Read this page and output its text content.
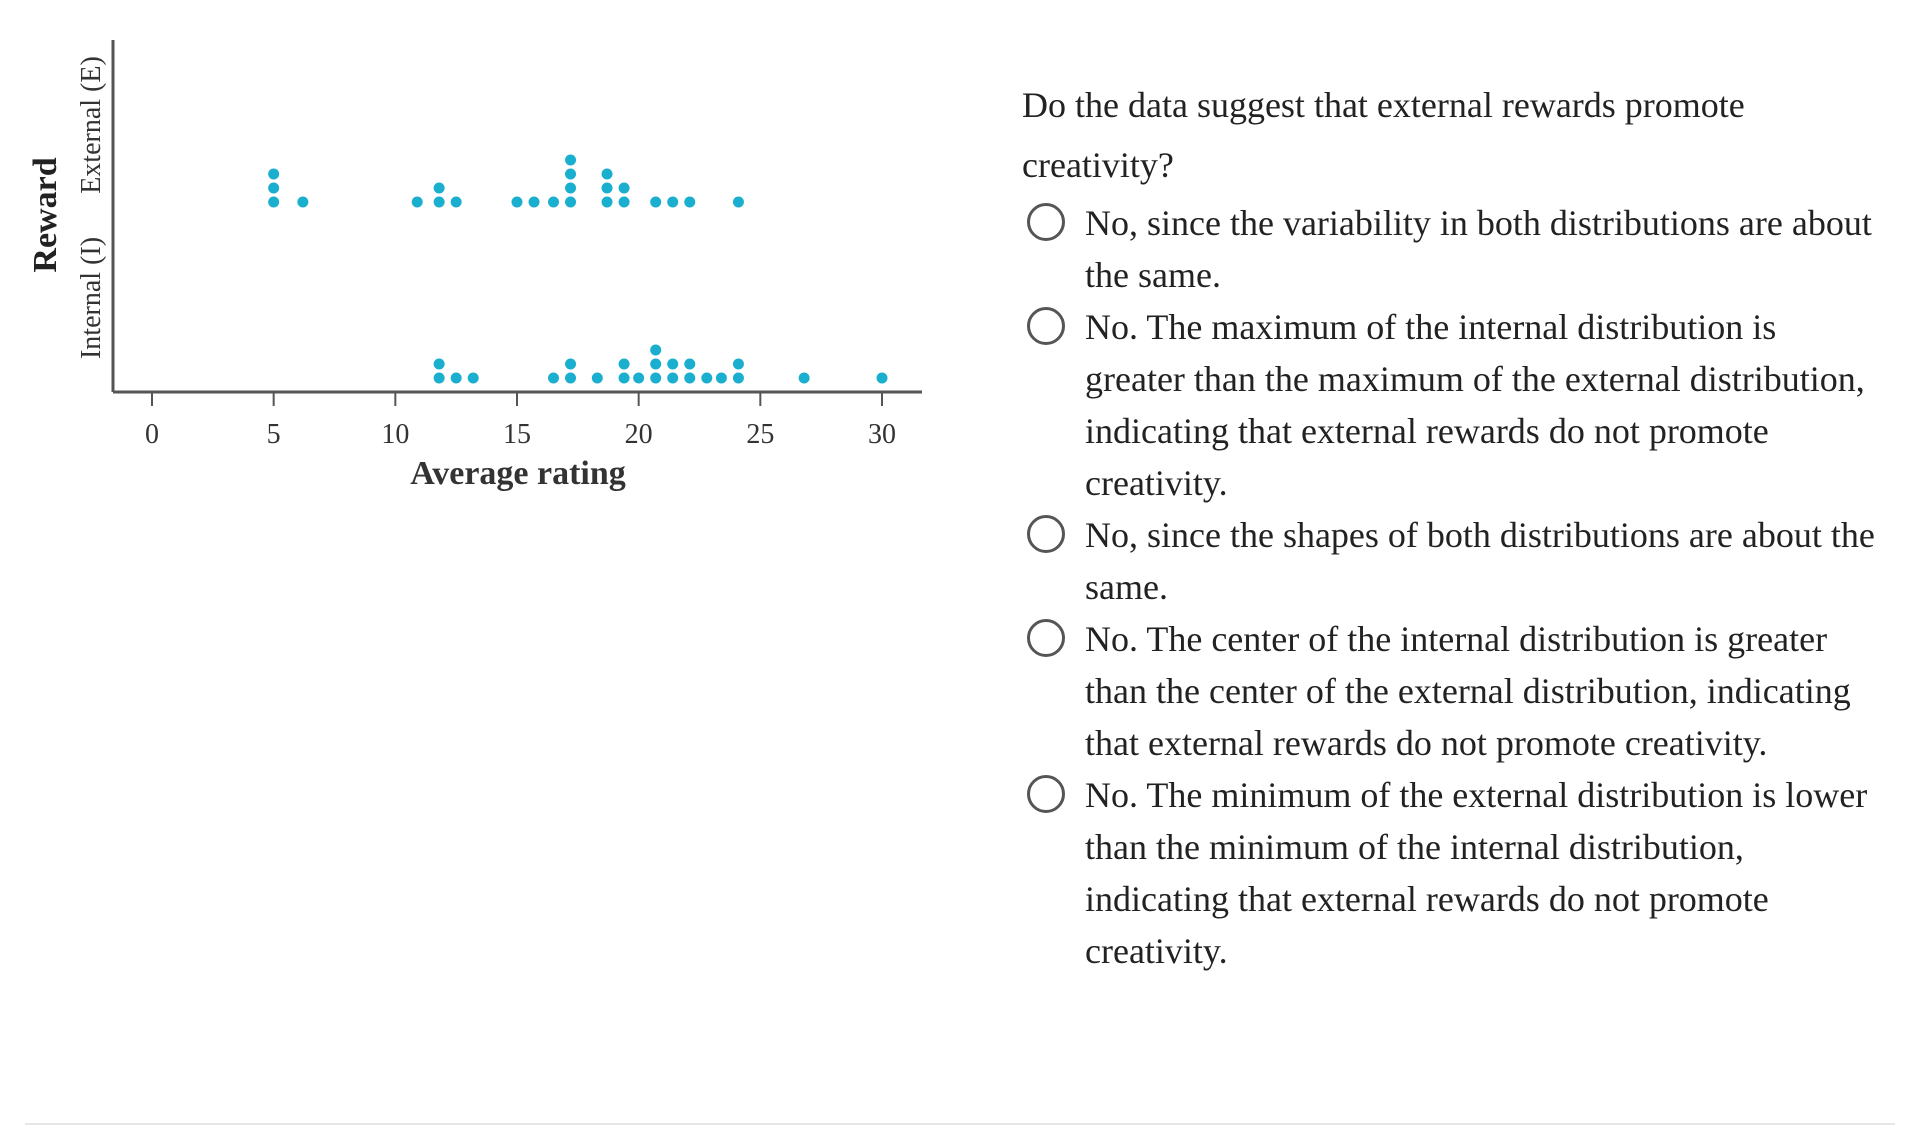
0	5	10	15	20	25	30
Average rating
Reward
Internal (I)
External (E)	Do the data suggest that external rewards promote creativity?
No, since the variability in both distributions are about the same.
No. The maximum of the internal distribution is greater than the maximum of the external distribution, indicating that external rewards do not promote creativity.
No, since the shapes of both distributions are about the same.
No. The center of the internal distribution is greater than the center of the external distribution, indicating that external rewards do not promote creativity.
No. The minimum of the external distribution is lower than the minimum of the internal distribution, indicating that external rewards do not promote creativity.
